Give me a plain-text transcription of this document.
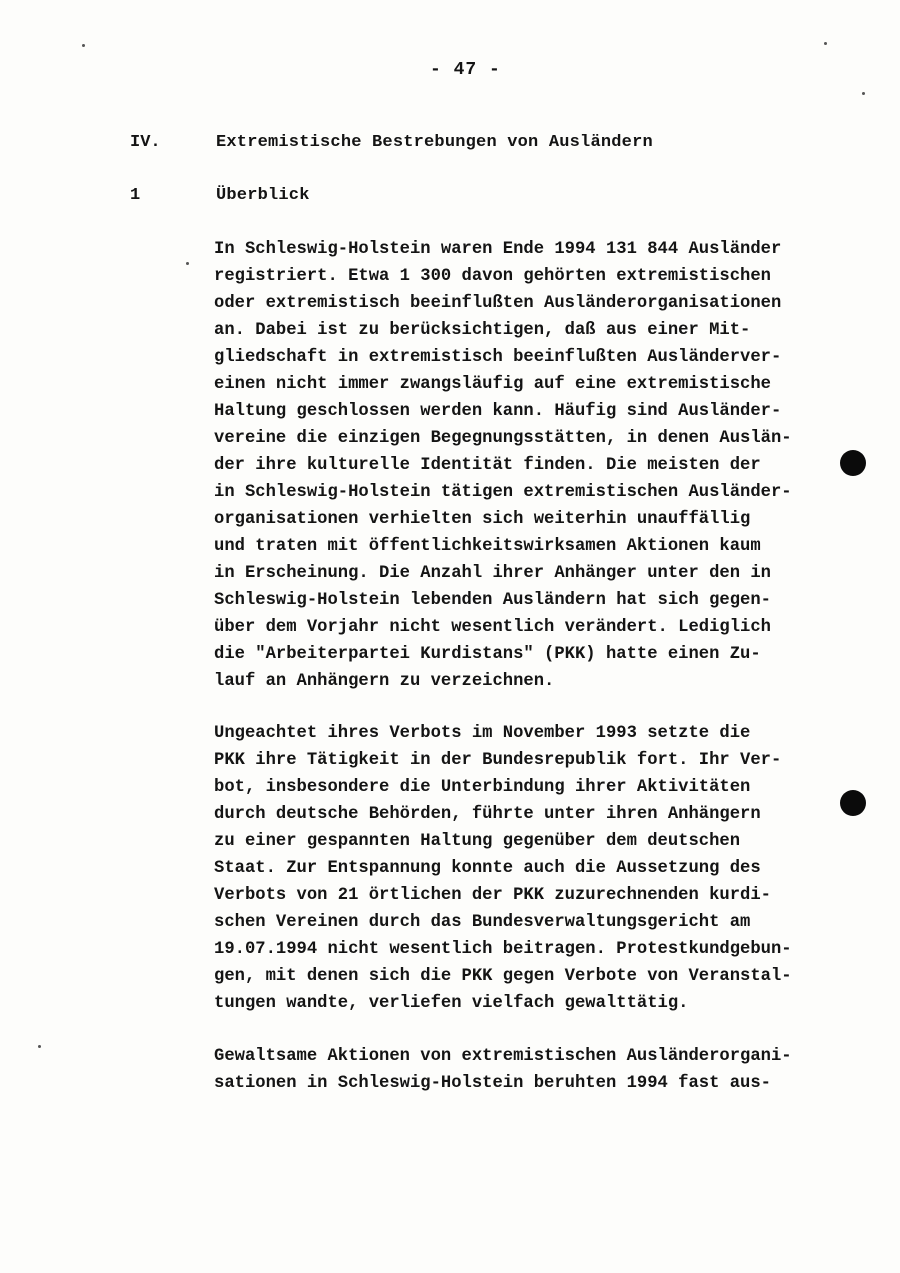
- 47 -
IV.	Extremistische Bestrebungen von Ausländern
1	Überblick
In Schleswig-Holstein waren Ende 1994 131 844 Ausländer
registriert. Etwa 1 300 davon gehörten extremistischen
oder extremistisch beeinflußten Ausländerorganisationen
an. Dabei ist zu berücksichtigen, daß aus einer Mit-
gliedschaft in extremistisch beeinflußten Ausländerver-
einen nicht immer zwangsläufig auf eine extremistische
Haltung geschlossen werden kann. Häufig sind Ausländer-
vereine die einzigen Begegnungsstätten, in denen Auslän-
der ihre kulturelle Identität finden. Die meisten der
in Schleswig-Holstein tätigen extremistischen Ausländer-
organisationen verhielten sich weiterhin unauffällig
und traten mit öffentlichkeitswirksamen Aktionen kaum
in Erscheinung. Die Anzahl ihrer Anhänger unter den in
Schleswig-Holstein lebenden Ausländern hat sich gegen-
über dem Vorjahr nicht wesentlich verändert. Lediglich
die "Arbeiterpartei Kurdistans" (PKK) hatte einen Zu-
lauf an Anhängern zu verzeichnen.
Ungeachtet ihres Verbots im November 1993 setzte die
PKK ihre Tätigkeit in der Bundesrepublik fort. Ihr Ver-
bot, insbesondere die Unterbindung ihrer Aktivitäten
durch deutsche Behörden, führte unter ihren Anhängern
zu einer gespannten Haltung gegenüber dem deutschen
Staat. Zur Entspannung konnte auch die Aussetzung des
Verbots von 21 örtlichen der PKK zuzurechnenden kurdi-
schen Vereinen durch das Bundesverwaltungsgericht am
19.07.1994 nicht wesentlich beitragen. Protestkundgebun-
gen, mit denen sich die PKK gegen Verbote von Veranstal-
tungen wandte, verliefen vielfach gewalttätig.
Gewaltsame Aktionen von extremistischen Ausländerorgani-
sationen in Schleswig-Holstein beruhten 1994 fast aus-
